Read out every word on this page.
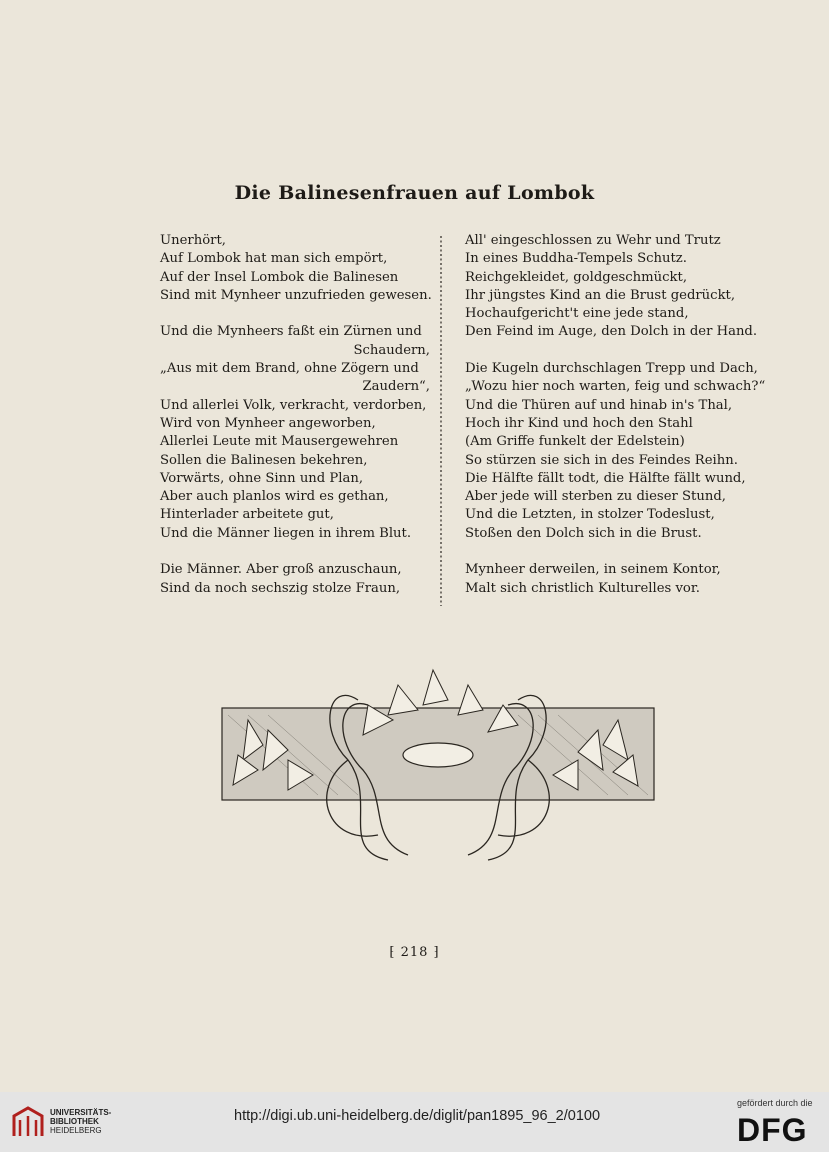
Die Balinesenfrauen auf Lombok
Unerhört,
Auf Lombok hat man sich empört,
Auf der Insel Lombok die Balinesen
Sind mit Mynheer unzufrieden gewesen.
Und die Mynheers faßt ein Zürnen und
Schaudern,
„Aus mit dem Brand, ohne Zögern und
Zaudern“,
Und allerlei Volk, verkracht, verdorben,
Wird von Mynheer angeworben,
Allerlei Leute mit Mausergewehren
Sollen die Balinesen bekehren,
Vorwärts, ohne Sinn und Plan,
Aber auch planlos wird es gethan,
Hinterlader arbeitete gut,
Und die Männer liegen in ihrem Blut.
Die Männer. Aber groß anzuschaun,
Sind da noch sechszig stolze Fraun,
All' eingeschlossen zu Wehr und Trutz
In eines Buddha-Tempels Schutz.
Reichgekleidet, goldgeschmückt,
Ihr jüngstes Kind an die Brust gedrückt,
Hochaufgericht't eine jede stand,
Den Feind im Auge, den Dolch in der Hand.
Die Kugeln durchschlagen Trepp und Dach,
„Wozu hier noch warten, feig und schwach?“
Und die Thüren auf und hinab in's Thal,
Hoch ihr Kind und hoch den Stahl
(Am Griffe funkelt der Edelstein)
So stürzen sie sich in des Feindes Reihn.
Die Hälfte fällt todt, die Hälfte fällt wund,
Aber jede will sterben zu dieser Stund,
Und die Letzten, in stolzer Todeslust,
Stoßen den Dolch sich in die Brust.
Mynheer derweilen, in seinem Kontor,
Malt sich christlich Kulturelles vor.
⁅ 218 ⁆
UNIVERSITÄTS-
BIBLIOTHEK
HEIDELBERG
http://digi.ub.uni-heidelberg.de/diglit/pan1895_96_2/0100
gefördert durch die
DFG
